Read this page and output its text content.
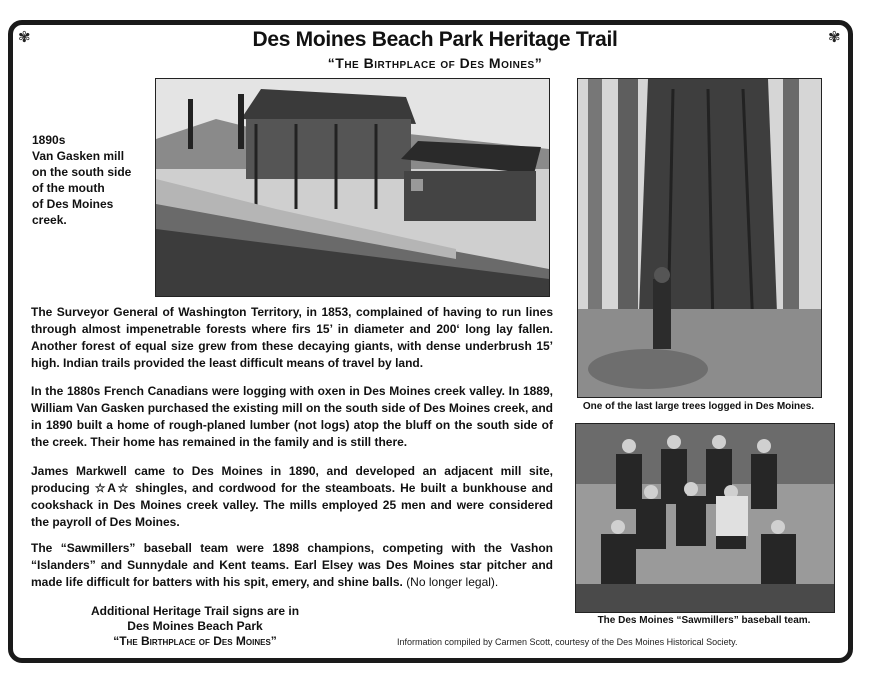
✾	✾
Des Moines Beach Park Heritage Trail
“The Birthplace of Des Moines”
1890s
Van Gasken mill
on the south side
of the mouth
of Des Moines
creek.
One of the last large trees logged in Des Moines.
The Des Moines “Sawmillers” baseball team.

The Surveyor General of Washington Territory, in 1853, complained of having to run lines through almost impenetrable forests where firs 15’ in diameter and 200‘ long lay fallen. Another forest of equal size grew from these decaying giants, with dense underbrush 15’ high. Indian trails provided the least difficult means of travel by land.

In the 1880s French Canadians were logging with oxen in Des Moines creek valley. In 1889, William Van Gasken purchased the existing mill on the south side of Des Moines creek, and in 1890 built a home of rough-planed lumber (not logs) atop the bluff on the south side of the creek. Their home has remained in the family and is still there.

James Markwell came to Des Moines in 1890, and developed an adjacent mill site, producing ☆A☆ shingles, and cordwood for the steamboats. He built a bunkhouse and cookshack in Des Moines creek valley. The mills employed 25 men and were considered the payroll of Des Moines.

The “Sawmillers” baseball team were 1898 champions, competing with the Vashon “Islanders” and Sunnydale and Kent teams. Earl Elsey was Des Moines star pitcher and made life difficult for batters with his spit, emery, and shine balls. (No longer legal).

Additional Heritage Trail signs are in
Des Moines Beach Park
“The Birthplace of Des Moines”	Information compiled by Carmen Scott, courtesy of the Des Moines Historical Society.
